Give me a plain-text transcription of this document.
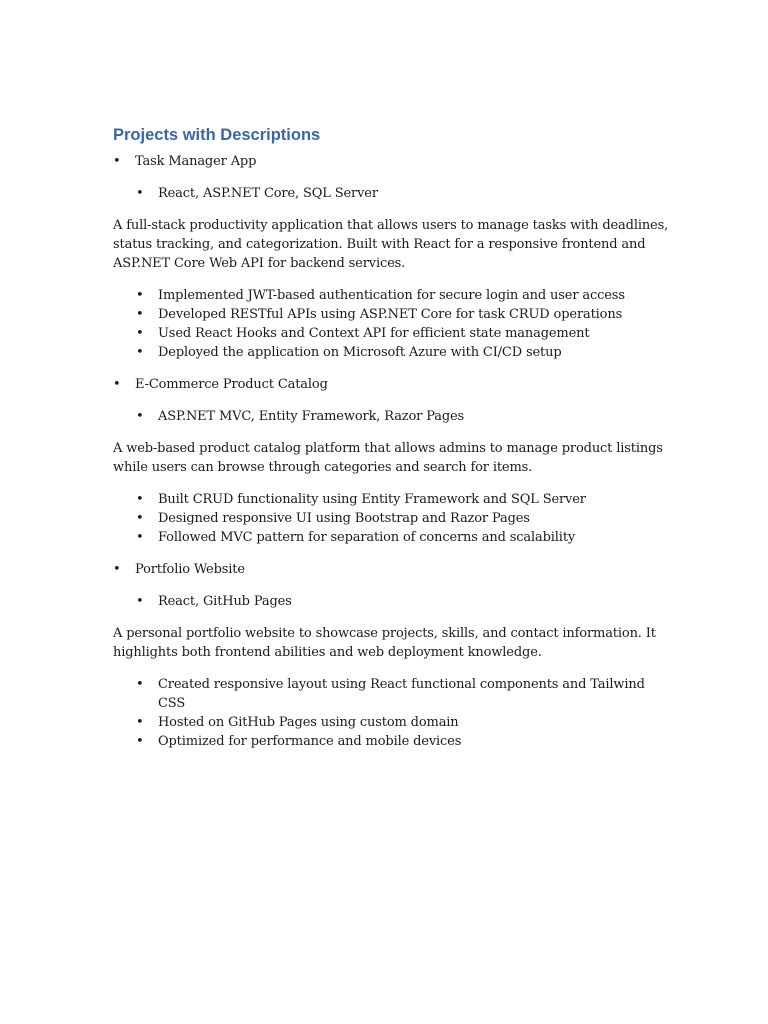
Projects with Descriptions
• Task Manager App
• React, ASP.NET Core, SQL Server

A full-stack productivity application that allows users to manage tasks with deadlines, status tracking, and categorization. Built with React for a responsive frontend and ASP.NET Core Web API for backend services.

• Implemented JWT-based authentication for secure login and user access
• Developed RESTful APIs using ASP.NET Core for task CRUD operations
• Used React Hooks and Context API for efficient state management
• Deployed the application on Microsoft Azure with CI/CD setup
• E-Commerce Product Catalog
• ASP.NET MVC, Entity Framework, Razor Pages

A web-based product catalog platform that allows admins to manage product listings while users can browse through categories and search for items.

• Built CRUD functionality using Entity Framework and SQL Server
• Designed responsive UI using Bootstrap and Razor Pages
• Followed MVC pattern for separation of concerns and scalability
• Portfolio Website
• React, GitHub Pages

A personal portfolio website to showcase projects, skills, and contact information. It highlights both frontend abilities and web deployment knowledge.

• Created responsive layout using React functional components and Tailwind CSS
• Hosted on GitHub Pages using custom domain
• Optimized for performance and mobile devices
